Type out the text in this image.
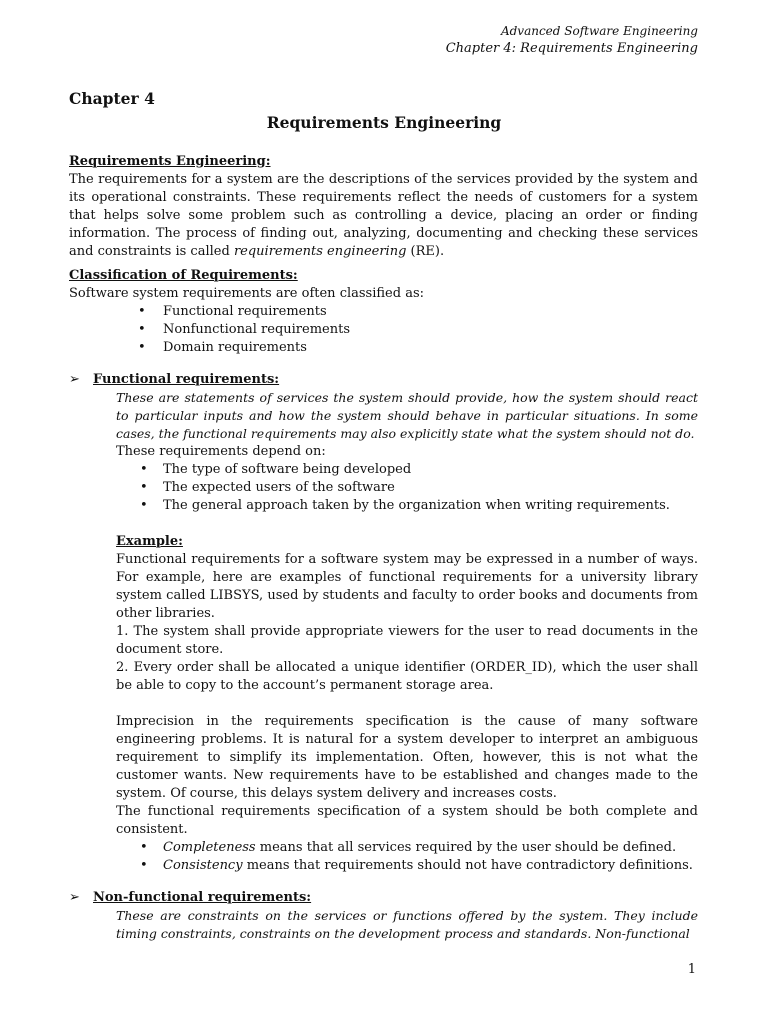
Advanced Software Engineering
Chapter 4: Requirements Engineering
Chapter 4
Requirements Engineering
Requirements Engineering:

The requirements for a system are the descriptions of the services provided by the system and its operational constraints. These requirements reflect the needs of customers for a system that helps solve some problem such as controlling a device, placing an order or finding information. The process of finding out, analyzing, documenting and checking these services and constraints is called requirements engineering (RE).

Classification of Requirements:

Software system requirements are often classified as:

• Functional requirements
• Nonfunctional requirements
• Domain requirements
➢ Functional requirements:

These are statements of services the system should provide, how the system should react to particular inputs and how the system should behave in particular situations. In some cases, the functional requirements may also explicitly state what the system should not do.

These requirements depend on:

• The type of software being developed
• The expected users of the software
• The general approach taken by the organization when writing requirements.
Example:

Functional requirements for a software system may be expressed in a number of ways. For example, here are examples of functional requirements for a university library system called LIBSYS, used by students and faculty to order books and documents from other libraries.

1. The system shall provide appropriate viewers for the user to read documents in the document store.

2. Every order shall be allocated a unique identifier (ORDER_ID), which the user shall be able to copy to the account’s permanent storage area.

Imprecision in the requirements specification is the cause of many software engineering problems. It is natural for a system developer to interpret an ambiguous requirement to simplify its implementation. Often, however, this is not what the customer wants. New requirements have to be established and changes made to the system. Of course, this delays system delivery and increases costs.

The functional requirements specification of a system should be both complete and consistent.

• Completeness means that all services required by the user should be defined.
• Consistency means that requirements should not have contradictory definitions.
➢ Non-functional requirements:

These are constraints on the services or functions offered by the system. They include timing constraints, constraints on the development process and standards. Non-functional

1
